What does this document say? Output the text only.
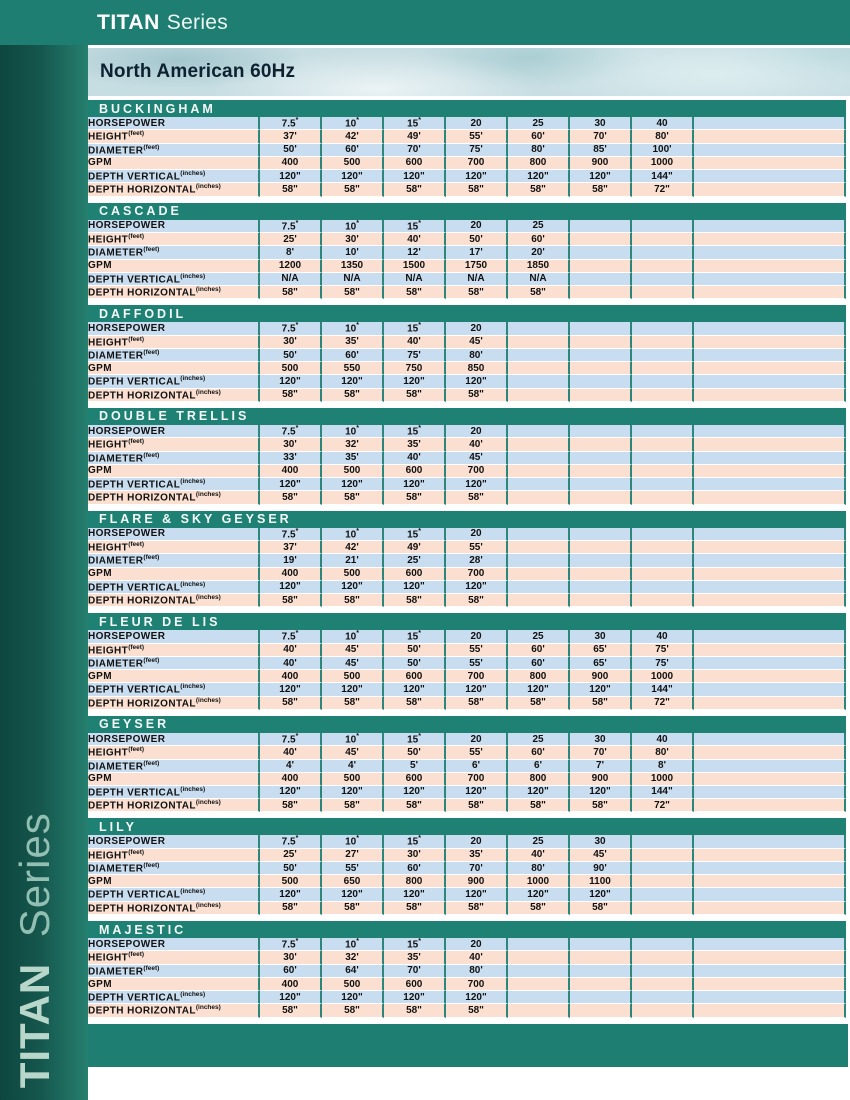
TITAN Series
TITAN Series
North American 60Hz
BUCKINGHAM
HORSEPOWER	7.5*	10*	15*	20	25	30	40	
$HEIGHT^{(feet)}$	37'	42'	49'	55'	60'	70'	80'	
$DIAMETER^{(feet)}$	50'	60'	70'	75'	80'	85'	100'	
GPM	400	500	600	700	800	900	1000	
DEPTH $VERTICAL^{(inches)}$	120"	120"	120"	120"	120"	120"	144"	
DEPTH $HORIZONTAL^{(inches)}$	58"	58"	58"	58"	58"	58"	72"	
CASCADE
HORSEPOWER	7.5*	10*	15*	20	25			
$HEIGHT^{(feet)}$	25'	30'	40'	50'	60'			
$DIAMETER^{(feet)}$	8'	10'	12'	17'	20'			
GPM	1200	1350	1500	1750	1850			
DEPTH $VERTICAL^{(inches)}$	N/A	N/A	N/A	N/A	N/A			
DEPTH $HORIZONTAL^{(inches)}$	58"	58"	58"	58"	58"			
DAFFODIL
HORSEPOWER	7.5*	10*	15*	20				
$HEIGHT^{(feet)}$	30'	35'	40'	45'				
$DIAMETER^{(feet)}$	50'	60'	75'	80'				
GPM	500	550	750	850				
DEPTH $VERTICAL^{(inches)}$	120"	120"	120"	120"				
DEPTH $HORIZONTAL^{(inches)}$	58"	58"	58"	58"				
DOUBLE TRELLIS
HORSEPOWER	7.5*	10*	15*	20				
$HEIGHT^{(feet)}$	30'	32'	35'	40'				
$DIAMETER^{(feet)}$	33'	35'	40'	45'				
GPM	400	500	600	700				
DEPTH $VERTICAL^{(inches)}$	120"	120"	120"	120"				
DEPTH $HORIZONTAL^{(inches)}$	58"	58"	58"	58"				
FLARE & SKY GEYSER
HORSEPOWER	7.5*	10*	15*	20				
$HEIGHT^{(feet)}$	37'	42'	49'	55'				
$DIAMETER^{(feet)}$	19'	21'	25'	28'				
GPM	400	500	600	700				
DEPTH $VERTICAL^{(inches)}$	120"	120"	120"	120"				
DEPTH $HORIZONTAL^{(inches)}$	58"	58"	58"	58"				
FLEUR DE LIS
HORSEPOWER	7.5*	10*	15*	20	25	30	40	
$HEIGHT^{(feet)}$	40'	45'	50'	55'	60'	65'	75'	
$DIAMETER^{(feet)}$	40'	45'	50'	55'	60'	65'	75'	
GPM	400	500	600	700	800	900	1000	
DEPTH $VERTICAL^{(inches)}$	120"	120"	120"	120"	120"	120"	144"	
DEPTH $HORIZONTAL^{(inches)}$	58"	58"	58"	58"	58"	58"	72"	
GEYSER
HORSEPOWER	7.5*	10*	15*	20	25	30	40	
$HEIGHT^{(feet)}$	40'	45'	50'	55'	60'	70'	80'	
$DIAMETER^{(feet)}$	4'	4'	5'	6'	6'	7'	8'	
GPM	400	500	600	700	800	900	1000	
DEPTH $VERTICAL^{(inches)}$	120"	120"	120"	120"	120"	120"	144"	
DEPTH $HORIZONTAL^{(inches)}$	58"	58"	58"	58"	58"	58"	72"	
LILY
HORSEPOWER	7.5*	10*	15*	20	25	30		
$HEIGHT^{(feet)}$	25'	27'	30'	35'	40'	45'		
$DIAMETER^{(feet)}$	50'	55'	60'	70'	80'	90'		
GPM	500	650	800	900	1000	1100		
DEPTH $VERTICAL^{(inches)}$	120"	120"	120"	120"	120"	120"		
DEPTH $HORIZONTAL^{(inches)}$	58"	58"	58"	58"	58"	58"		
MAJESTIC
HORSEPOWER	7.5*	10*	15*	20				
$HEIGHT^{(feet)}$	30'	32'	35'	40'				
$DIAMETER^{(feet)}$	60'	64'	70'	80'				
GPM	400	500	600	700				
DEPTH $VERTICAL^{(inches)}$	120"	120"	120"	120"				
DEPTH $HORIZONTAL^{(inches)}$	58"	58"	58"	58"				
